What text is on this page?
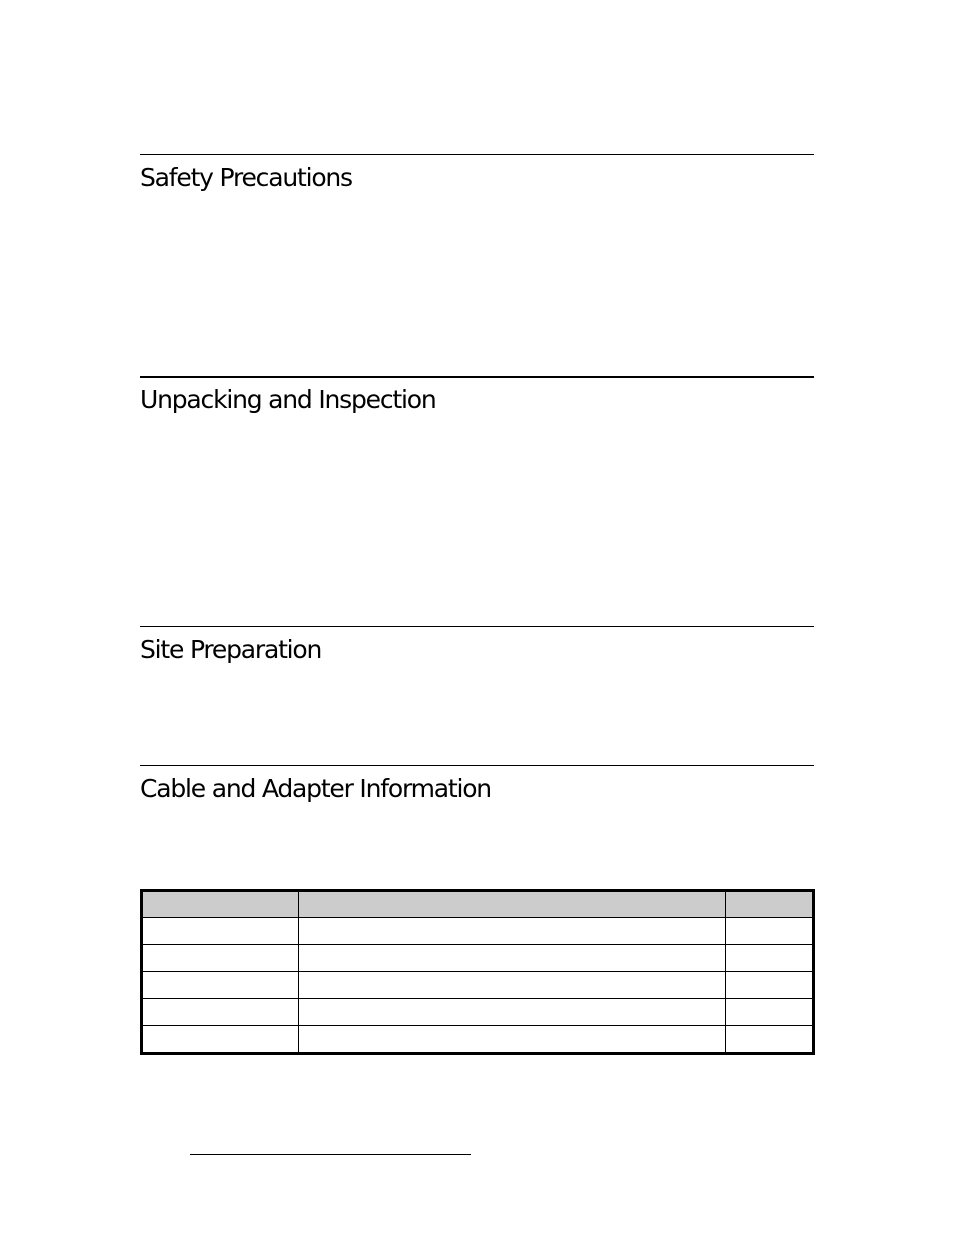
Safety Precautions
Unpacking and Inspection
Site Preparation
Cable and Adapter Information
